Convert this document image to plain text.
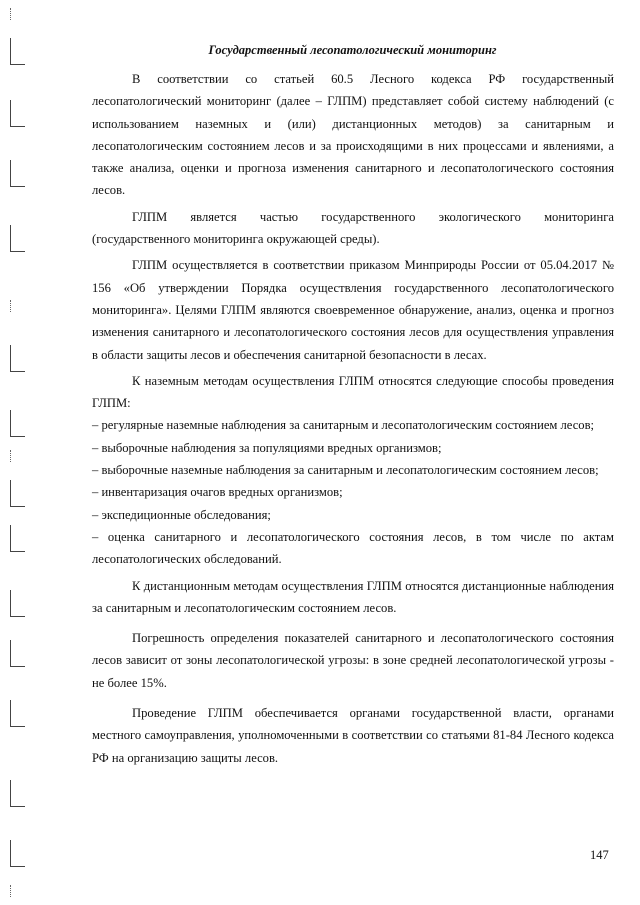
Государственный лесопатологический мониторинг

В соответствии со статьей 60.5 Лесного кодекса РФ государственный лесопатологический мониторинг (далее – ГЛПМ) представляет собой систему наблюдений (с использованием наземных и (или) дистанционных методов) за санитарным и лесопатологическим состоянием лесов и за происходящими в них процессами и явлениями, а также анализа, оценки и прогноза изменения санитарного и лесопатологического состояния лесов.

ГЛПМ является частью государственного экологического мониторинга (государственного мониторинга окружающей среды).

ГЛПМ осуществляется в соответствии приказом Минприроды России от 05.04.2017 № 156 «Об утверждении Порядка осуществления государственного лесопатологического мониторинга». Целями ГЛПМ являются своевременное обнаружение, анализ, оценка и прогноз изменения санитарного и лесопатологического состояния лесов для осуществления управления в области защиты лесов и обеспечения санитарной безопасности в лесах.

К наземным методам осуществления ГЛПМ относятся следующие способы проведения ГЛПМ:

– регулярные наземные наблюдения за санитарным и лесопатологическим состоянием лесов;

– выборочные наблюдения за популяциями вредных организмов;

– выборочные наземные наблюдения за санитарным и лесопатологическим состоянием лесов;

– инвентаризация очагов вредных организмов;

– экспедиционные обследования;

– оценка санитарного и лесопатологического состояния лесов, в том числе по актам лесопатологических обследований.

К дистанционным методам осуществления ГЛПМ относятся дистанционные наблюдения за санитарным и лесопатологическим состоянием лесов.

Погрешность определения показателей санитарного и лесопатологического состояния лесов зависит от зоны лесопатологической угрозы: в зоне средней лесопатологической угрозы - не более 15%.

Проведение ГЛПМ обеспечивается органами государственной власти, органами местного самоуправления, уполномоченными в соответствии со статьями 81-84 Лесного кодекса РФ на организацию защиты лесов.

147
